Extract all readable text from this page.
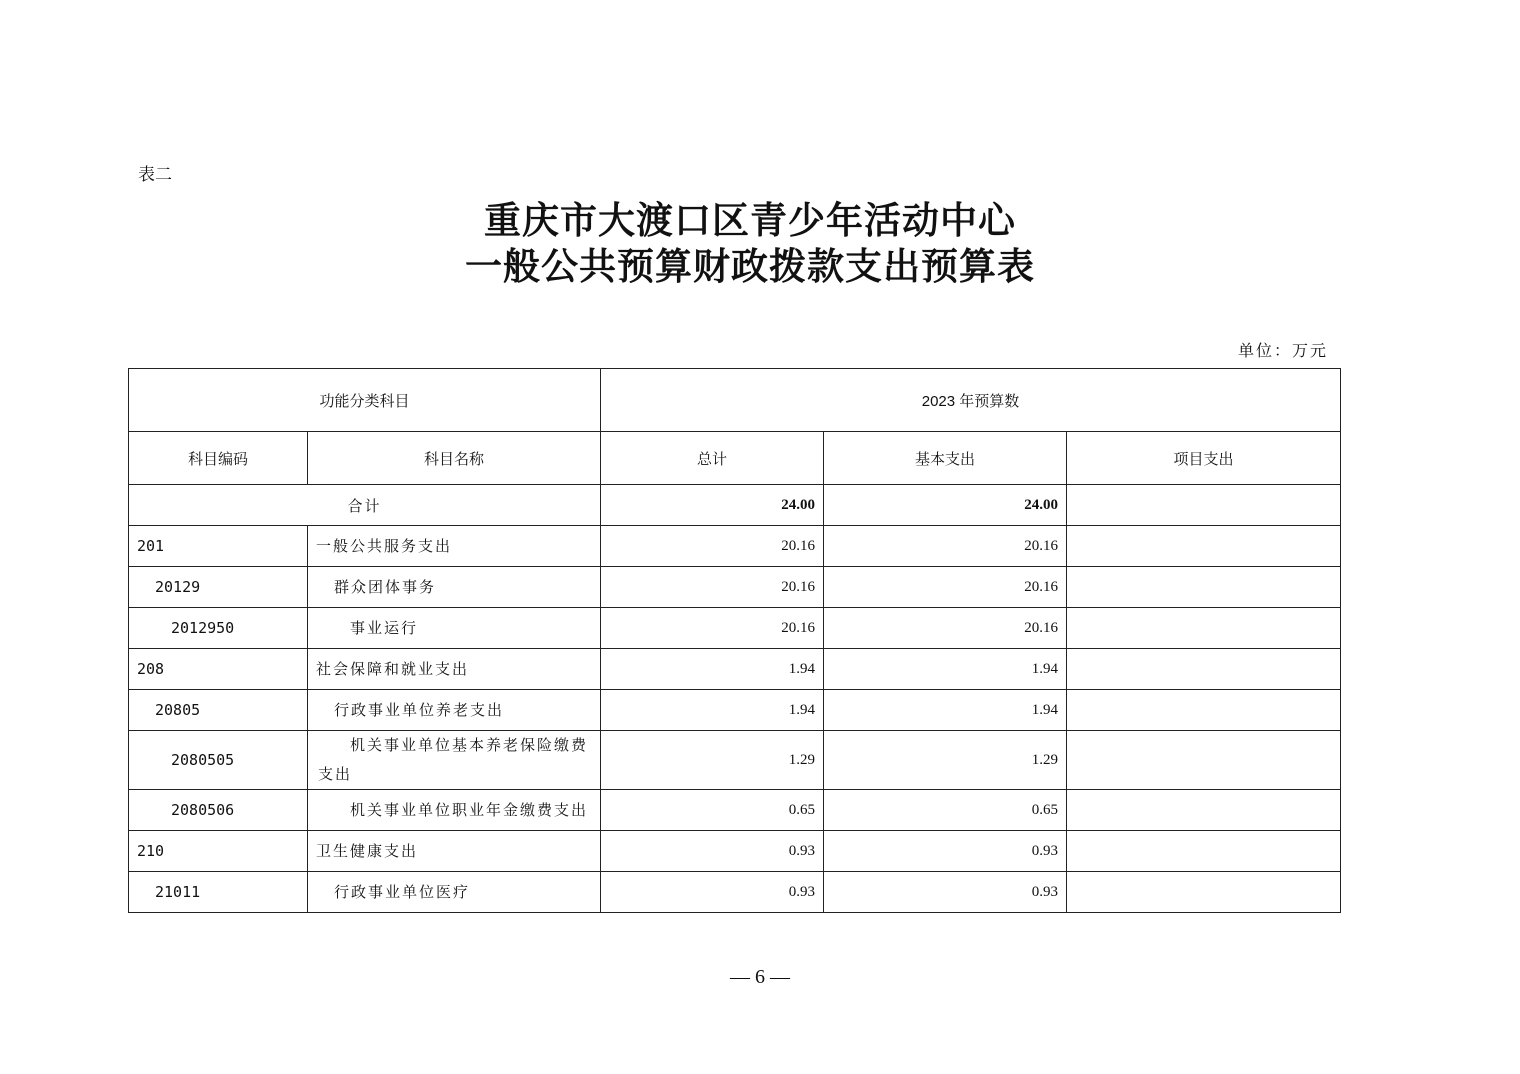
表二
重庆市大渡口区青少年活动中心
一般公共预算财政拨款支出预算表
单位：万元
功能分类科目		2023 年预算数		
科目编码	科目名称	总计	基本支出	项目支出
合计		24.00	24.00	
201	一般公共服务支出	20.16	20.16	
20129	群众团体事务	20.16	20.16	
2012950	事业运行	20.16	20.16	
208	社会保障和就业支出	1.94	1.94	
20805	行政事业单位养老支出	1.94	1.94	
2080505	机关事业单位基本养老保险缴费支出	1.29	1.29	
2080506	机关事业单位职业年金缴费支出	0.65	0.65	
210	卫生健康支出	0.93	0.93	
21011	行政事业单位医疗	0.93	0.93	
— 6 —
